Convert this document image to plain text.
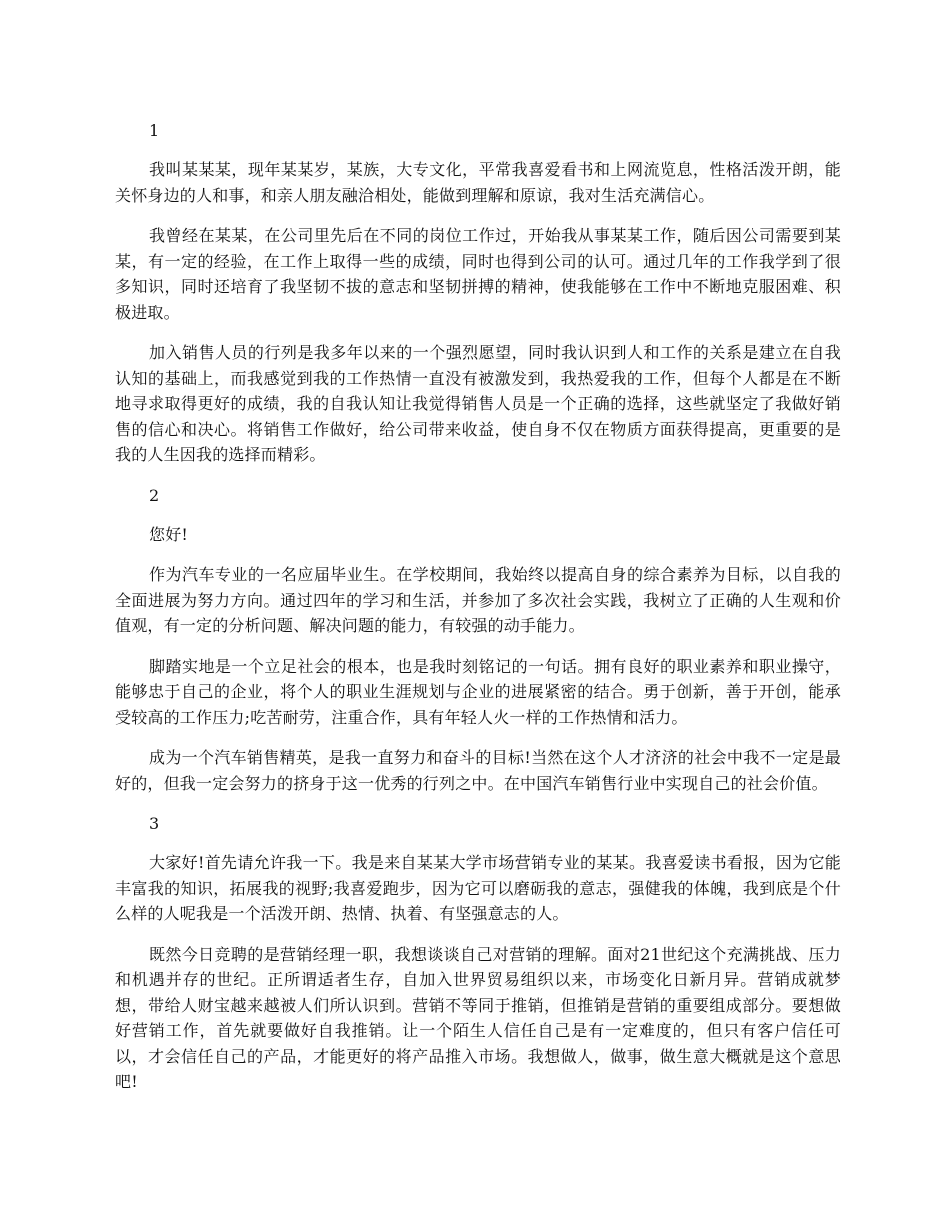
1

我叫某某某，现年某某岁，某族，大专文化，平常我喜爱看书和上网流览息，性格活泼开朗，能关怀身边的人和事，和亲人朋友融洽相处，能做到理解和原谅，我对生活充满信心。

我曾经在某某，在公司里先后在不同的岗位工作过，开始我从事某某工作，随后因公司需要到某某，有一定的经验，在工作上取得一些的成绩，同时也得到公司的认可。通过几年的工作我学到了很多知识，同时还培育了我坚韧不拔的意志和坚韧拼搏的精神，使我能够在工作中不断地克服困难、积极进取。

加入销售人员的行列是我多年以来的一个强烈愿望，同时我认识到人和工作的关系是建立在自我认知的基础上，而我感觉到我的工作热情一直没有被激发到，我热爱我的工作，但每个人都是在不断地寻求取得更好的成绩，我的自我认知让我觉得销售人员是一个正确的选择，这些就坚定了我做好销售的信心和决心。将销售工作做好，给公司带来收益，使自身不仅在物质方面获得提高，更重要的是我的人生因我的选择而精彩。

2

您好!

作为汽车专业的一名应届毕业生。在学校期间，我始终以提高自身的综合素养为目标，以自我的全面进展为努力方向。通过四年的学习和生活，并参加了多次社会实践，我树立了正确的人生观和价值观，有一定的分析问题、解决问题的能力，有较强的动手能力。

脚踏实地是一个立足社会的根本，也是我时刻铭记的一句话。拥有良好的职业素养和职业操守，能够忠于自己的企业，将个人的职业生涯规划与企业的进展紧密的结合。勇于创新，善于开创，能承受较高的工作压力;吃苦耐劳，注重合作，具有年轻人火一样的工作热情和活力。

成为一个汽车销售精英，是我一直努力和奋斗的目标!当然在这个人才济济的社会中我不一定是最好的，但我一定会努力的挤身于这一优秀的行列之中。在中国汽车销售行业中实现自己的社会价值。

3

大家好!首先请允许我一下。我是来自某某大学市场营销专业的某某。我喜爱读书看报，因为它能丰富我的知识，拓展我的视野;我喜爱跑步，因为它可以磨砺我的意志，强健我的体魄，我到底是个什么样的人呢我是一个活泼开朗、热情、执着、有坚强意志的人。

既然今日竞聘的是营销经理一职，我想谈谈自己对营销的理解。面对21世纪这个充满挑战、压力和机遇并存的世纪。正所谓适者生存，自加入世界贸易组织以来，市场变化日新月异。营销成就梦想，带给人财宝越来越被人们所认识到。营销不等同于推销，但推销是营销的重要组成部分。要想做好营销工作，首先就要做好自我推销。让一个陌生人信任自己是有一定难度的，但只有客户信任可以，才会信任自己的产品，才能更好的将产品推入市场。我想做人，做事，做生意大概就是这个意思吧!
